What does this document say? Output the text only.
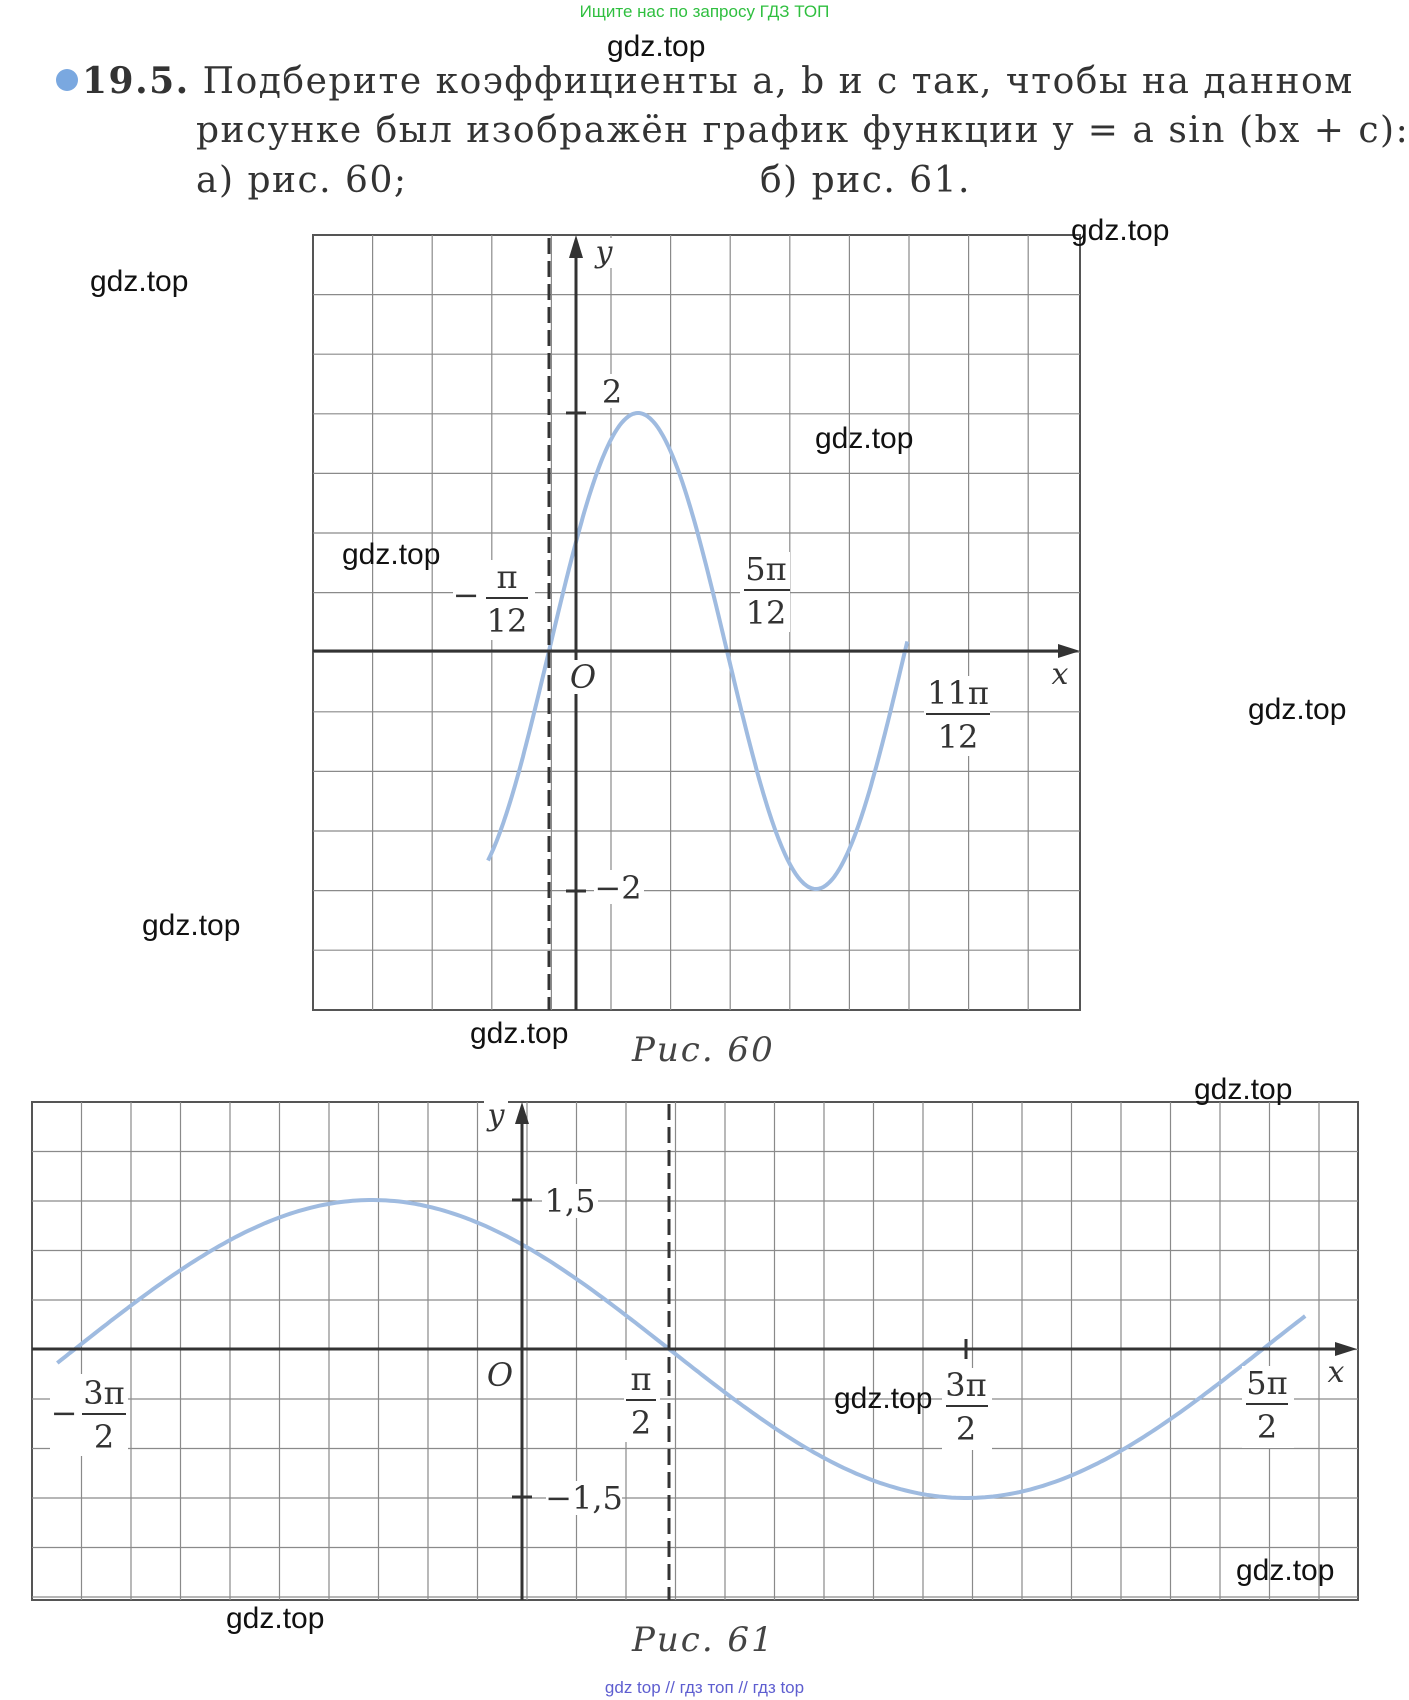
Ищите нас по запросу ГДЗ ТОП
19.5. Подберите коэффициенты a, b и c так, чтобы на данном
рисунке был изображён график функции y = a sin (bx + c):
а) рис. 60;	б) рис. 61.
y
x
O
2
−2
− π
12
5π
12
11π
12
y
x
O
1,5
−1,5
−
3π
2
π
2
3π
2
5π
2
Рис. 60
Рис. 61
gdz.top
gdz.top
gdz.top
gdz.top
gdz.top
gdz.top
gdz.top
gdz.top
gdz.top
gdz.top
gdz.top
gdz.top
gdz top // гдз топ // гдз top
